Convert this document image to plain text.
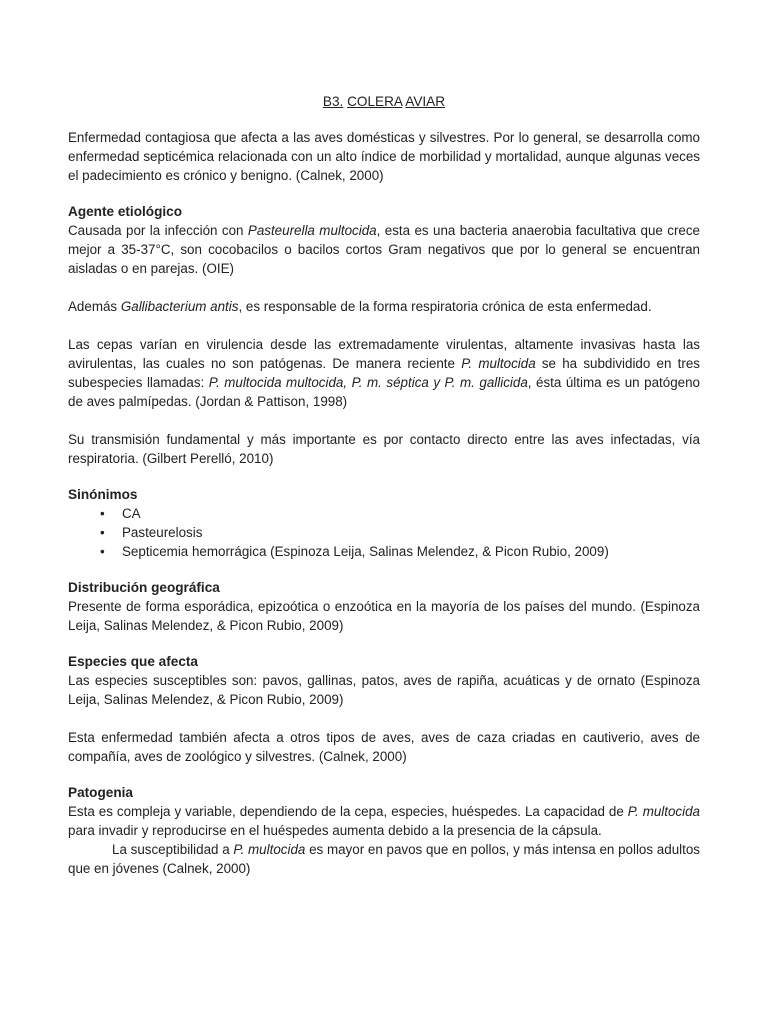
B3. COLERA AVIAR

Enfermedad contagiosa que afecta a las aves domésticas y silvestres. Por lo general, se desarrolla como enfermedad septicémica relacionada con un alto índice de morbilidad y mortalidad, aunque algunas veces el padecimiento es crónico y benigno. (Calnek, 2000)

Agente etiológico

Causada por la infección con Pasteurella multocida, esta es una bacteria anaerobia facultativa que crece mejor a 35-37°C, son cocobacilos o bacilos cortos Gram negativos que por lo general se encuentran aisladas o en parejas. (OIE)

Además Gallibacterium antis, es responsable de la forma respiratoria crónica de esta enfermedad.

Las cepas varían en virulencia desde las extremadamente virulentas, altamente invasivas hasta las avirulentas, las cuales no son patógenas. De manera reciente P. multocida se ha subdividido en tres subespecies llamadas: P. multocida multocida, P. m. séptica y P. m. gallicida, ésta última es un patógeno de aves palmípedas. (Jordan & Pattison, 1998)

Su transmisión fundamental y más importante es por contacto directo entre las aves infectadas, vía respiratoria. (Gilbert Perelló, 2010)

Sinónimos
• CA
• Pasteurelosis
• Septicemia hemorrágica (Espinoza Leija, Salinas Melendez, & Picon Rubio, 2009)
Distribución geográfica

Presente de forma esporádica, epizoótica o enzoótica en la mayoría de los países del mundo. (Espinoza Leija, Salinas Melendez, & Picon Rubio, 2009)

Especies que afecta

Las especies susceptibles son: pavos, gallinas, patos, aves de rapiña, acuáticas y de ornato (Espinoza Leija, Salinas Melendez, & Picon Rubio, 2009)

Esta enfermedad también afecta a otros tipos de aves, aves de caza criadas en cautiverio, aves de compañía, aves de zoológico y silvestres. (Calnek, 2000)

Patogenia

Esta es compleja y variable, dependiendo de la cepa, especies, huéspedes. La capacidad de P. multocida para invadir y reproducirse en el huéspedes aumenta debido a la presencia de la cápsula.

La susceptibilidad a P. multocida es mayor en pavos que en pollos, y más intensa en pollos adultos que en jóvenes (Calnek, 2000)
